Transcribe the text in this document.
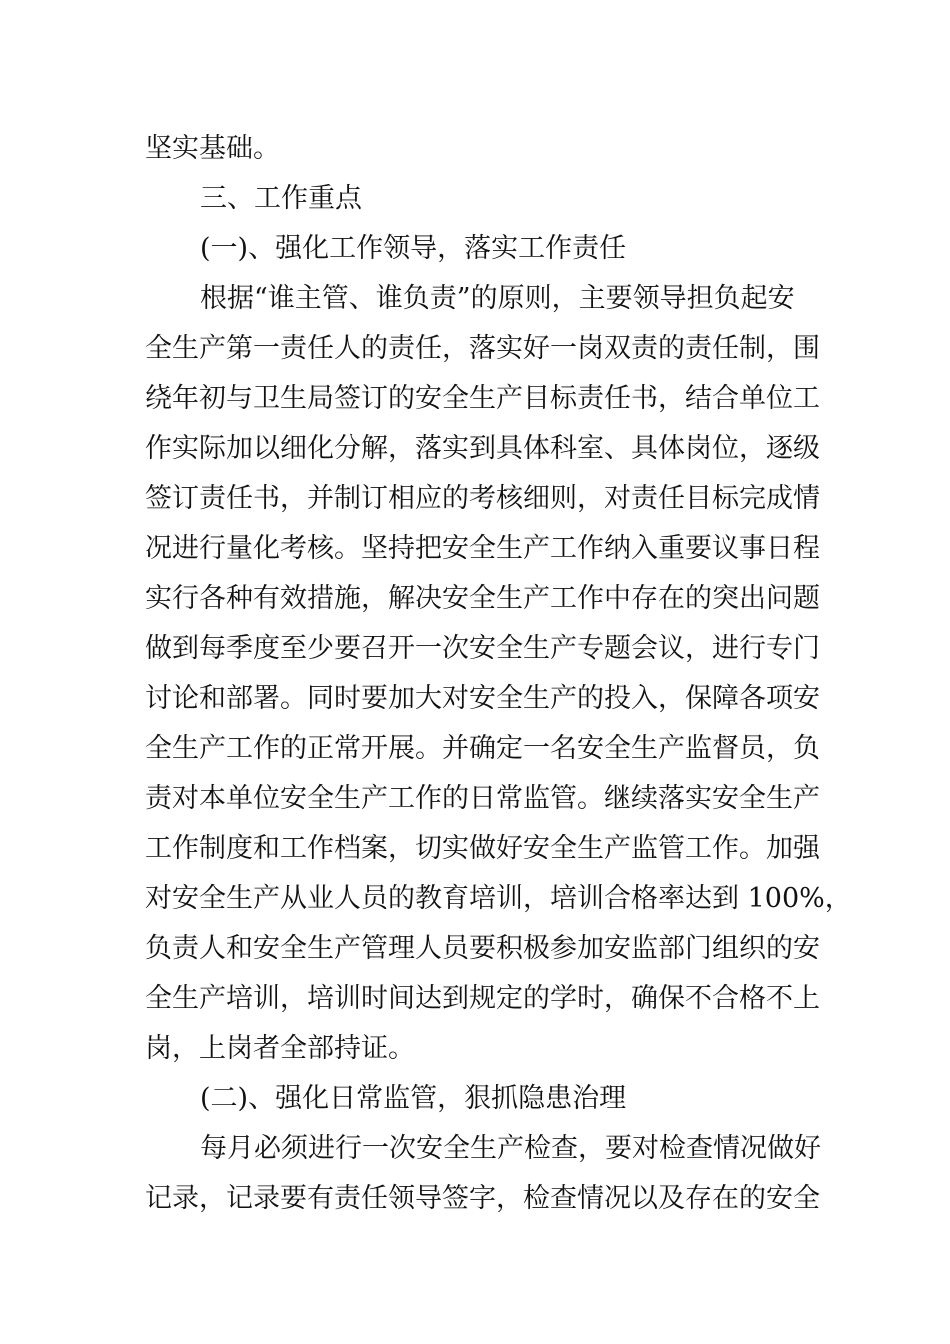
坚实基础。
三、工作重点
(一)、强化工作领导，落实工作责任
根据“谁主管、谁负责”的原则，主要领导担负起安
全生产第一责任人的责任，落实好一岗双责的责任制，围
绕年初与卫生局签订的安全生产目标责任书，结合单位工
作实际加以细化分解，落实到具体科室、具体岗位，逐级
签订责任书，并制订相应的考核细则，对责任目标完成情
况进行量化考核。坚持把安全生产工作纳入重要议事日程
实行各种有效措施，解决安全生产工作中存在的突出问题
做到每季度至少要召开一次安全生产专题会议，进行专门
讨论和部署。同时要加大对安全生产的投入，保障各项安
全生产工作的正常开展。并确定一名安全生产监督员，负
责对本单位安全生产工作的日常监管。继续落实安全生产
工作制度和工作档案，切实做好安全生产监管工作。加强
对安全生产从业人员的教育培训，培训合格率达到 100%，
负责人和安全生产管理人员要积极参加安监部门组织的安
全生产培训，培训时间达到规定的学时，确保不合格不上
岗，上岗者全部持证。
(二)、强化日常监管，狠抓隐患治理
每月必须进行一次安全生产检查，要对检查情况做好
记录，记录要有责任领导签字，检查情况以及存在的安全
